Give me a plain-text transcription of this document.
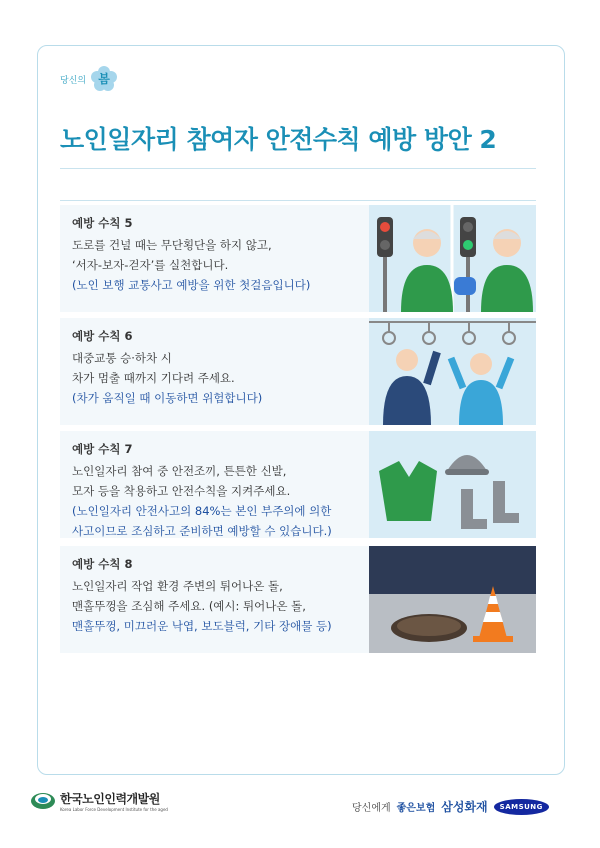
당신의 봄
노인일자리 참여자 안전수칙 예방 방안 2
예방 수칙 5
도로를 건널 때는 무단횡단을 하지 않고,
‘서자-보자-걷자’를 실천합니다.
(노인 보행 교통사고 예방을 위한 첫걸음입니다)
예방 수칙 6
대중교통 승·하차 시
차가 멈출 때까지 기다려 주세요.
(차가 움직일 때 이동하면 위험합니다)
예방 수칙 7
노인일자리 참여 중 안전조끼, 튼튼한 신발,
모자 등을 착용하고 안전수칙을 지켜주세요.
(노인일자리 안전사고의 84%는 본인 부주의에 의한
사고이므로 조심하고 준비하면 예방할 수 있습니다.)
예방 수칙 8
노인일자리 작업 환경 주변의 튀어나온 돌,
맨홀뚜껑을 조심해 주세요. (예시: 튀어나온 돌,
맨홀뚜껑, 미끄러운 낙엽, 보도블럭, 기타 장애물 등)
한국노인인력개발원
Korea Labor Force Development Institute for the aged	당신에게 좋은보험 삼성화재	SAMSUNG
